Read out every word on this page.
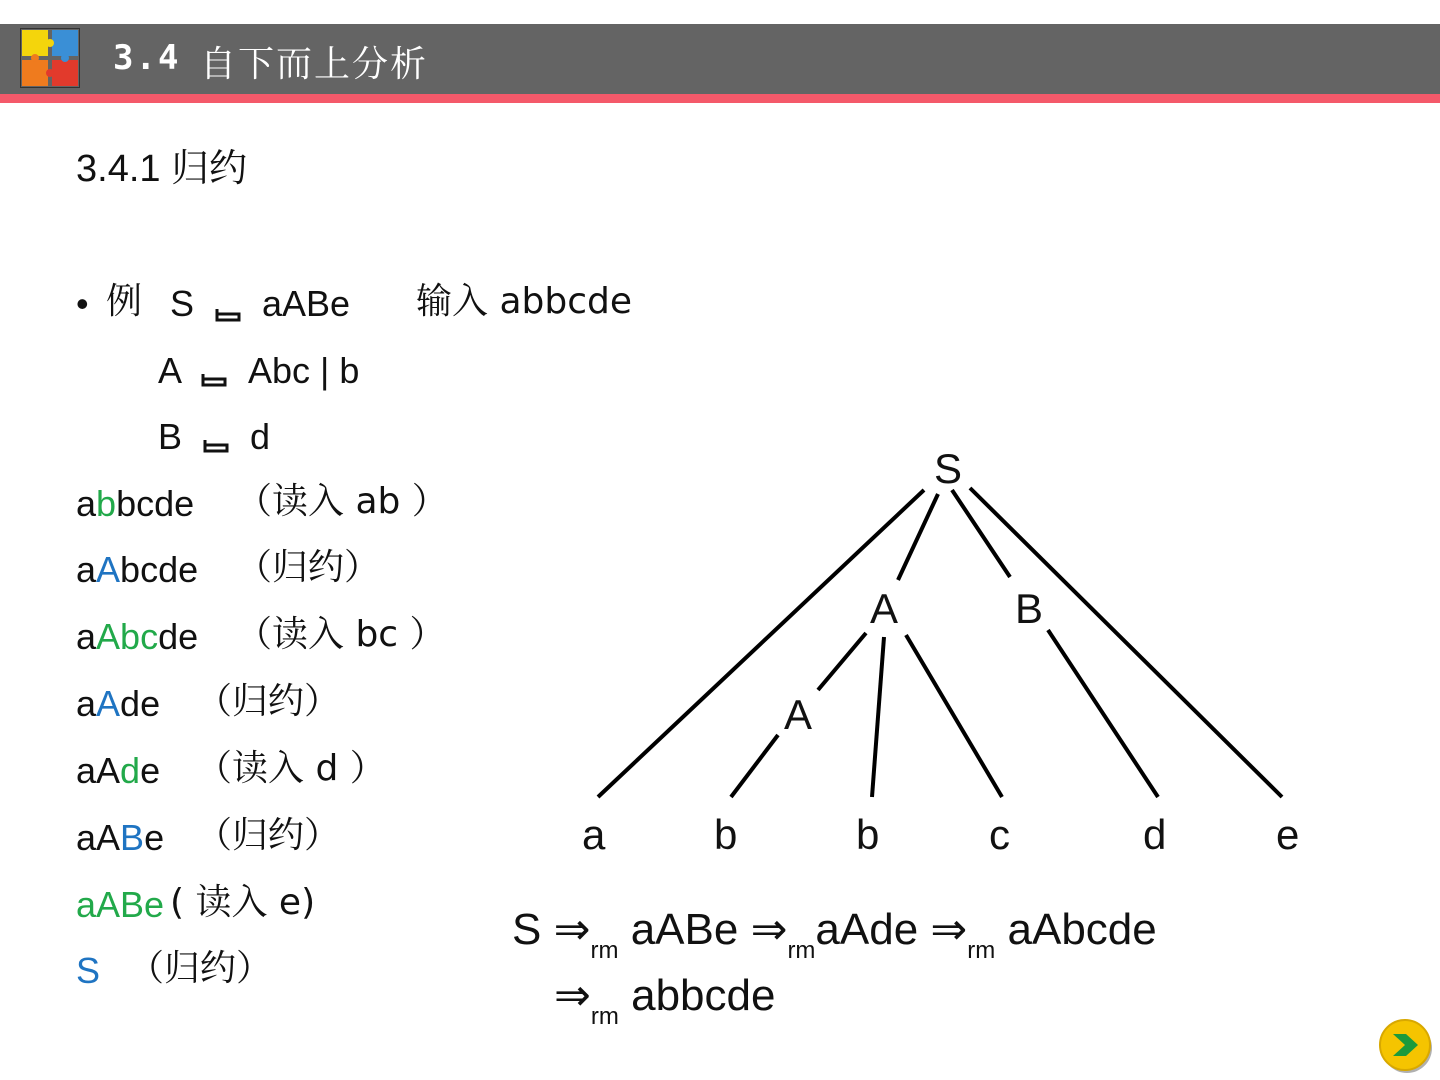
3.4 自下而上分析
3.4.1 归约
• 例 S aABe 输入 abbcde
A Abc | b
B d
abbcde （读入 ab ）
aAbcde （归约）
aAbcde （读入 bc ）
aAde （归约）
aAde （读入 d ）
aABe （归约）
aABe ( 读入 e)
S （归约）
S
A	B
A
a	b	b	c	d	e
S $\Rightarrow_{rm}$ aABe $\Rightarrow_{rm}aAde$ $\Rightarrow_{rm}$ aAbcde
$\Rightarrow_{rm}$ abbcde
